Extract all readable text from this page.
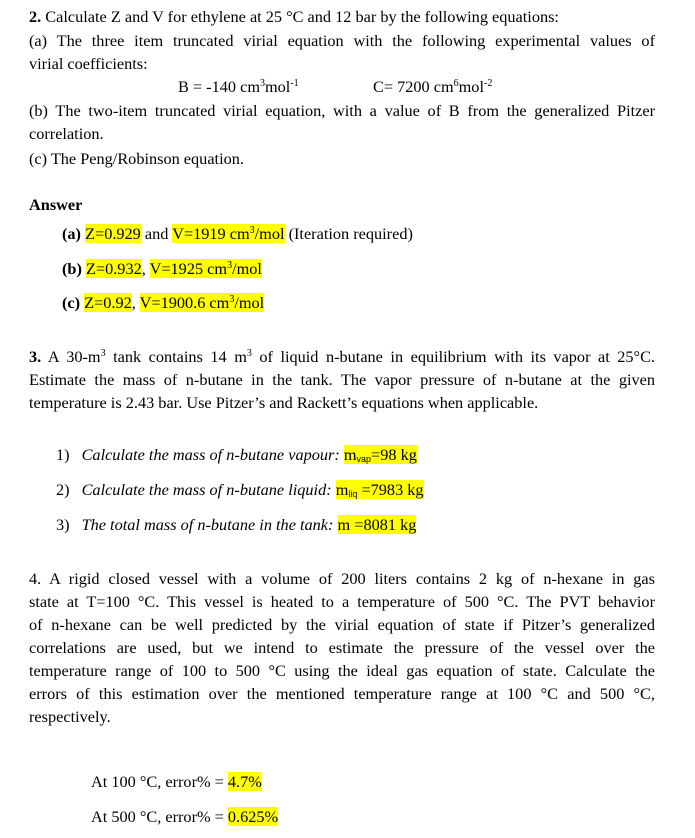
2. Calculate Z and V for ethylene at 25 °C and 12 bar by the following equations:
(a) The three item truncated virial equation with the following experimental values of
virial coefficients:
B = -140 $cm^3mol^{-1}$	C= 7200 $cm^6mol^{-2}$
(b) The two-item truncated virial equation, with a value of B from the generalized Pitzer
correlation.
(c) The Peng/Robinson equation.
Answer
(a) Z=0.929 and V=1919 $cm^3$/mol (Iteration required)
(b) Z=0.932, V=1925 $cm^3$/mol
(c) Z=0.92, V=1900.6 $cm^3$/mol
3. A $30-m^3$ tank contains 14 $m^3$ of liquid n-butane in equilibrium with its vapor at 25°C.
Estimate the mass of n-butane in the tank. The vapor pressure of n-butane at the given
temperature is 2.43 bar. Use Pitzer’s and Rackett’s equations when applicable.
1) Calculate the mass of n-butane vapour: mvap=98 kg
2) Calculate the mass of n-butane liquid: mliq =7983 kg
3) The total mass of n-butane in the tank: m =8081 kg
4. A rigid closed vessel with a volume of 200 liters contains 2 kg of n-hexane in gas
state at T=100 °C. This vessel is heated to a temperature of 500 °C. The PVT behavior
of n-hexane can be well predicted by the virial equation of state if Pitzer’s generalized
correlations are used, but we intend to estimate the pressure of the vessel over the
temperature range of 100 to 500 °C using the ideal gas equation of state. Calculate the
errors of this estimation over the mentioned temperature range at 100 °C and 500 °C,
respectively.
At 100 °C, error% = 4.7%
At 500 °C, error% = 0.625%
